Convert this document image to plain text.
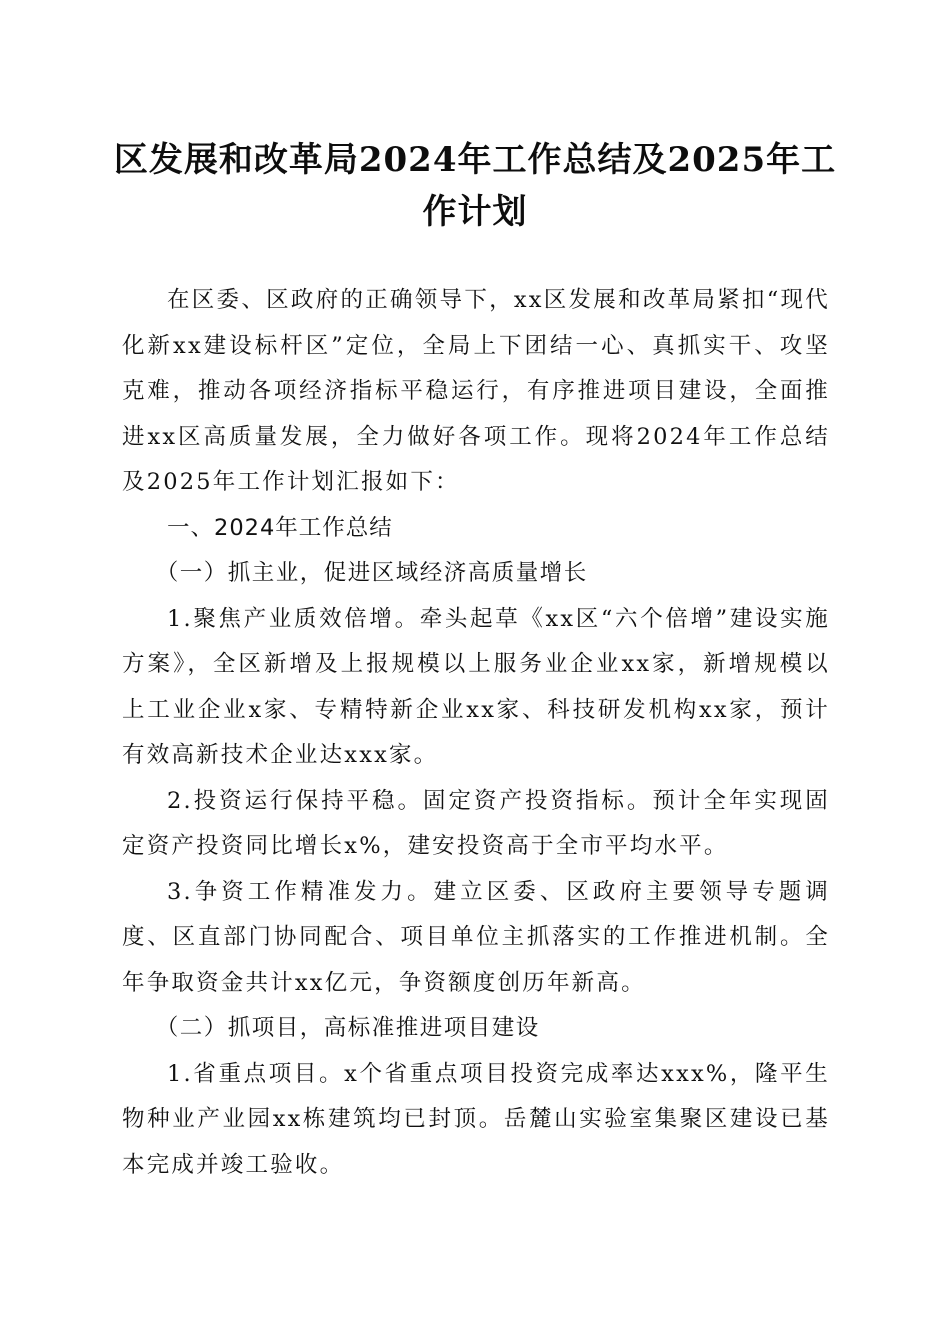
区发展和改革局2024年工作总结及2025年工作计划

在区委、区政府的正确领导下，xx区发展和改革局紧扣“现代化新xx建设标杆区”定位，全局上下团结一心、真抓实干、攻坚克难，推动各项经济指标平稳运行，有序推进项目建设，全面推进xx区高质量发展，全力做好各项工作。现将2024年工作总结及2025年工作计划汇报如下：

一、2024年工作总结

（一）抓主业，促进区域经济高质量增长

1.聚焦产业质效倍增。牵头起草《xx区“六个倍增”建设实施方案》，全区新增及上报规模以上服务业企业xx家，新增规模以上工业企业x家、专精特新企业xx家、科技研发机构xx家，预计有效高新技术企业达xxx家。

2.投资运行保持平稳。固定资产投资指标。预计全年实现固定资产投资同比增长x%，建安投资高于全市平均水平。

3.争资工作精准发力。建立区委、区政府主要领导专题调度、区直部门协同配合、项目单位主抓落实的工作推进机制。全年争取资金共计xx亿元，争资额度创历年新高。

（二）抓项目，高标准推进项目建设

1.省重点项目。x个省重点项目投资完成率达xxx%，隆平生物种业产业园xx栋建筑均已封顶。岳麓山实验室集聚区建设已基本完成并竣工验收。
